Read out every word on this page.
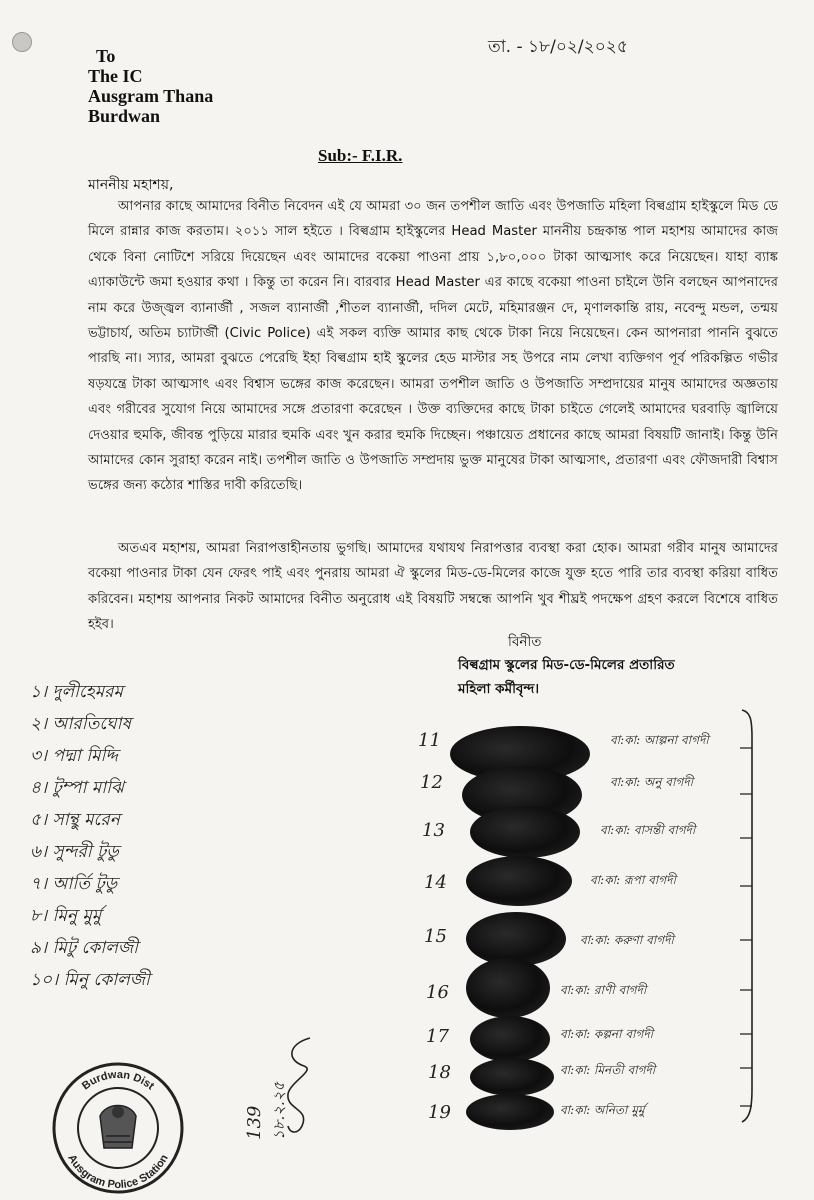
To
The IC
Ausgram Thana
Burdwan
তা. - ১৮/০২/২০২৫
Sub:- F.I.R.
মাননীয় মহাশয়,
আপনার কাছে আমাদের বিনীত নিবেদন এই যে আমরা ৩০ জন তপশীল জাতি এবং উপজাতি মহিলা বিল্বগ্রাম হাইস্কুলে মিড ডে মিলে রান্নার কাজ করতাম। ২০১১ সাল হইতে । বিল্বগ্রাম হাইস্কুলের Head Master মাননীয় চন্দ্রকান্ত পাল মহাশয় আমাদের কাজ থেকে বিনা নোটিশে সরিয়ে দিয়েছেন এবং আমাদের বকেয়া পাওনা প্রায় ১,৮০,০০০ টাকা আত্মসাৎ করে নিয়েছেন। যাহা ব্যাঙ্ক এ্যাকাউন্টে জমা হওয়ার কথা । কিন্তু তা করেন নি। বারবার Head Master এর কাছে বকেয়া পাওনা চাইলে উনি বলছেন আপনাদের নাম করে উজ্জ্বল ব্যানার্জী , সজল ব্যানার্জী ,শীতল ব্যানার্জী, দদিল মেটে, মহিমারঞ্জন দে, মৃণালকান্তি রায়, নবেন্দু মন্ডল, তন্ময় ভট্টাচার্য, অতিম চ্যাটার্জী (Civic Police) এই সকল ব্যক্তি আমার কাছ থেকে টাকা নিয়ে নিয়েছেন। কেন আপনারা পাননি বুঝতে পারছি না। স্যার, আমরা বুঝতে পেরেছি ইহা বিল্বগ্রাম হাই স্কুলের হেড মাস্টার সহ উপরে নাম লেখা ব্যক্তিগণ পূর্ব পরিকল্পিত গভীর ষড়যন্ত্রে টাকা আত্মসাৎ এবং বিশ্বাস ভঙ্গের কাজ করেছেন। আমরা তপশীল জাতি ও উপজাতি সম্প্রদায়ের মানুষ আমাদের অজ্ঞতায় এবং গরীবের সুযোগ নিয়ে আমাদের সঙ্গে প্রতারণা করেছেন । উক্ত ব্যক্তিদের কাছে টাকা চাইতে গেলেই আমাদের ঘরবাড়ি জ্বালিয়ে দেওয়ার হুমকি, জীবন্ত পুড়িয়ে মারার হুমকি এবং খুন করার হুমকি দিচ্ছেন। পঞ্চায়েত প্রধানের কাছে আমরা বিষয়টি জানাই। কিন্তু উনি আমাদের কোন সুরাহা করেন নাই। তপশীল জাতি ও উপজাতি সম্প্রদায় ভুক্ত মানুষের টাকা আত্মসাৎ, প্রতারণা এবং ফৌজদারী বিশ্বাস ভঙ্গের জন্য কঠোর শাস্তির দাবী করিতেছি।
অতএব মহাশয়, আমরা নিরাপত্তাহীনতায় ভুগছি। আমাদের যথাযথ নিরাপত্তার ব্যবস্থা করা হোক। আমরা গরীব মানুষ আমাদের বকেয়া পাওনার টাকা যেন ফেরৎ পাই এবং পুনরায় আমরা ঐ স্কুলের মিড-ডে-মিলের কাজে যুক্ত হতে পারি তার ব্যবস্থা করিয়া বাধিত করিবেন। মহাশয় আপনার নিকট আমাদের বিনীত অনুরোধ এই বিষয়টি সম্বন্ধে আপনি খুব শীঘ্রই পদক্ষেপ গ্রহণ করলে বিশেষে বাধিত হইব।
বিনীত
বিল্বগ্রাম স্কুলের মিড-ডে-মিলের প্রতারিত
মহিলা কর্মীবৃন্দ।
১। দুলীহেমরম
২। আরতিঘোষ
৩। পদ্মা মিদ্দি
৪। টুম্পা মাঝি
৫। সান্থু মরেন
৬। সুন্দরী টুডু
৭। আর্তি টুডু
৮। মিনু মুর্মু
৯। মিটু কোলজী
১০। মিনু কোলজী
11	বা:কা: আল্পনা বাগদী
12	বা:কা: অনু বাগদী
13	বা:কা: বাসন্তী বাগদী
14	বা:কা: রূপা বাগদী
15	বা:কা: করুণা বাগদী
16	বা:কা: রাণী বাগদী
17	বা:কা: কল্পনা বাগদী
18	বা:কা: মিনতী বাগদী
19	বা:কা: অনিতা মুর্মু
139 ১৮.২.২৫
Burdwan Dist
Ausgram Police Station
